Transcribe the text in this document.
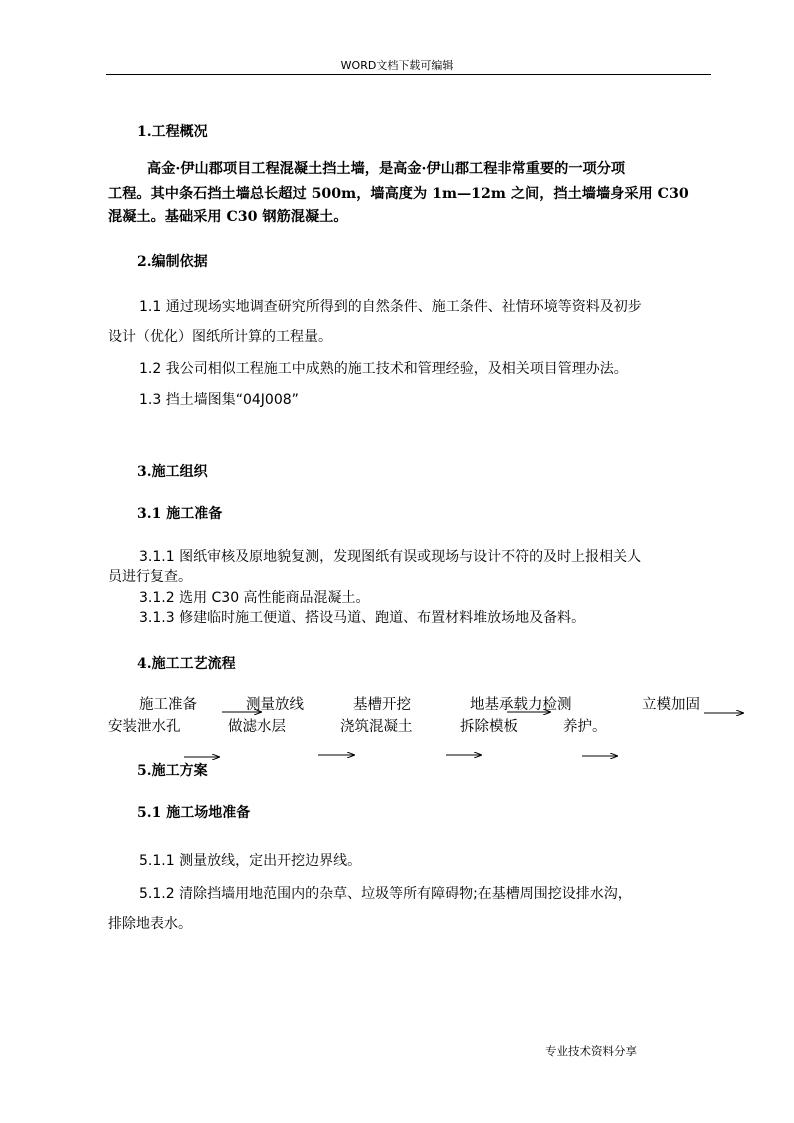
WORD文档下载可编辑
1.工程概况
高金·伊山郡项目工程混凝土挡土墙，是高金·伊山郡工程非常重要的一项分项
工程。其中条石挡土墙总长超过 500m，墙高度为 1m—12m 之间，挡土墙墙身采用 C30
混凝土。基础采用 C30 钢筋混凝土。
2.编制依据
1.1 通过现场实地调查研究所得到的自然条件、施工条件、社情环境等资料及初步
设计（优化）图纸所计算的工程量。
1.2 我公司相似工程施工中成熟的施工技术和管理经验，及相关项目管理办法。
1.3 挡土墙图集“04J008”
3.施工组织
3.1 施工准备
3.1.1 图纸审核及原地貌复测，发现图纸有误或现场与设计不符的及时上报相关人
员进行复查。
3.1.2 选用 C30 高性能商品混凝土。
3.1.3 修建临时施工便道、搭设马道、跑道、布置材料堆放场地及备料。
4.施工工艺流程
施工准备	测量放线	基槽开挖	地基承载力检测	立模加固
安装泄水孔	做滤水层	浇筑混凝土	拆除模板	养护。
5.施工方案
5.1 施工场地准备
5.1.1 测量放线，定出开挖边界线。
5.1.2 清除挡墙用地范围内的杂草、垃圾等所有障碍物;在基槽周围挖设排水沟，
排除地表水。
专业技术资料分享
